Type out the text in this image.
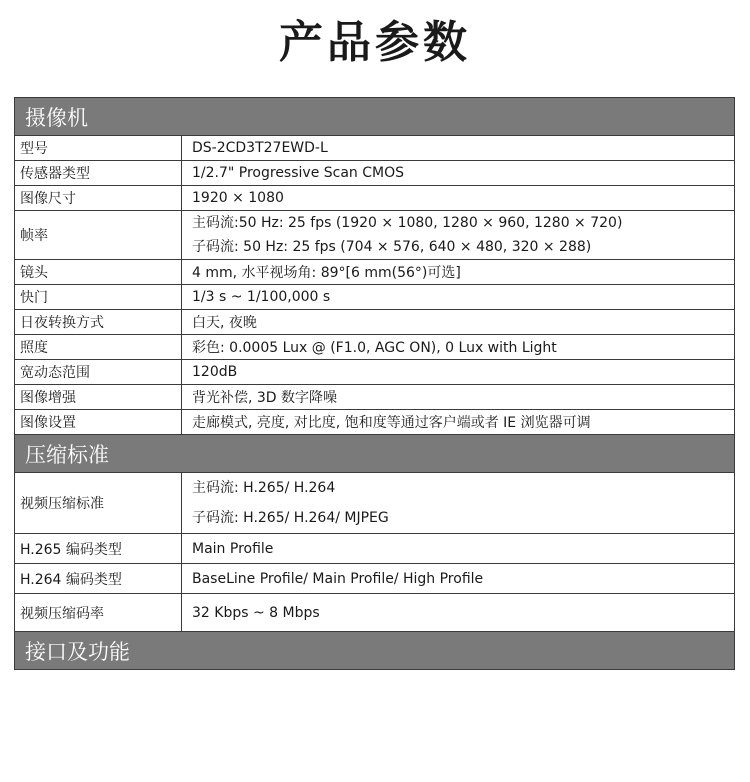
产品参数
摄像机	
型号	DS-2CD3T27EWD-L
传感器类型	1/2.7" Progressive Scan CMOS
图像尺寸	1920 × 1080
帧率	主码流:50 Hz: 25 fps (1920 × 1080, 1280 × 960, 1280 × 720)
子码流: 50 Hz: 25 fps (704 × 576, 640 × 480, 320 × 288)

镜头	4 mm, 水平视场角: 89°[6 mm(56°)可选]
快门	1/3 s ~ 1/100,000 s
日夜转换方式	白天, 夜晚
照度	彩色: 0.0005 Lux @ (F1.0, AGC ON), 0 Lux with Light
宽动态范围	120dB
图像增强	背光补偿, 3D 数字降噪
图像设置	走廊模式, 亮度, 对比度, 饱和度等通过客户端或者 IE 浏览器可调
压缩标准	
视频压缩标准	主码流: H.265/ H.264
子码流: H.265/ H.264/ MJPEG

H.265 编码类型	Main Profile
H.264 编码类型	BaseLine Profile/ Main Profile/ High Profile
视频压缩码率	32 Kbps ~ 8 Mbps
接口及功能	
